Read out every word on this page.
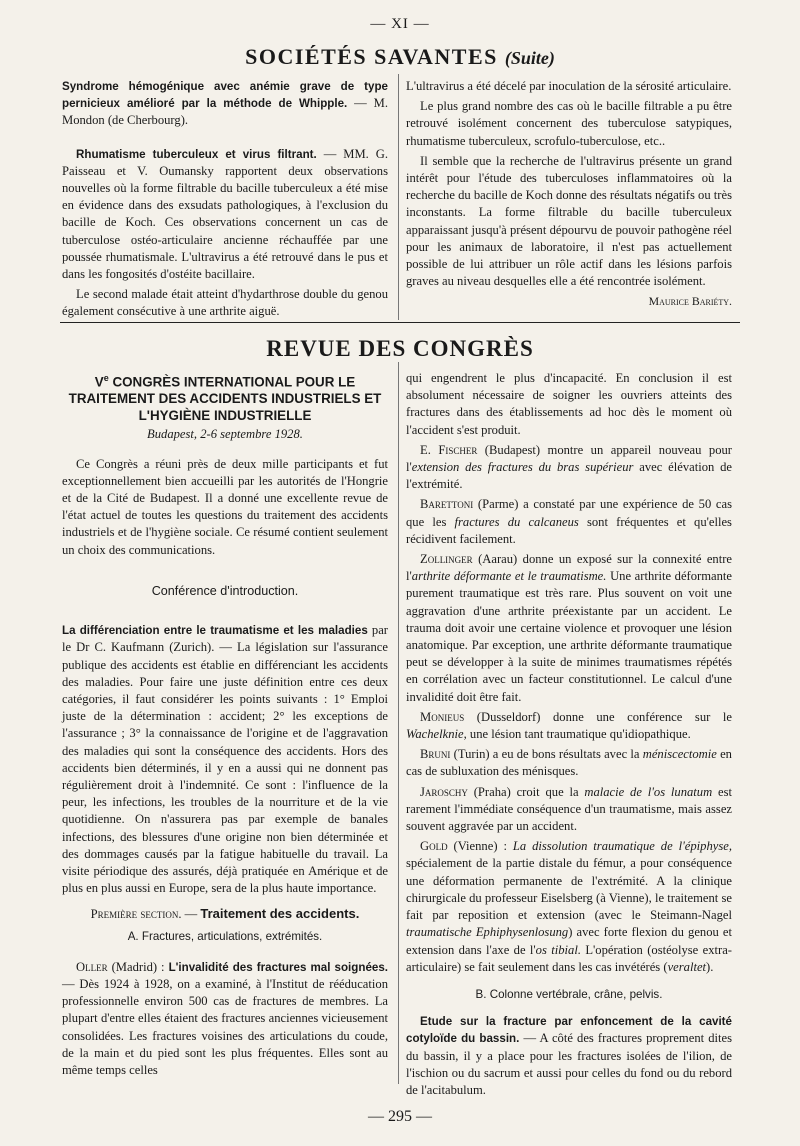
— XI —
SOCIÉTÉS SAVANTES (Suite)

Syndrome hémogénique avec anémie grave de type pernicieux amélioré par la méthode de Whipple. — M. Mondon (de Cherbourg).

Rhumatisme tuberculeux et virus filtrant. — MM. G. Paisseau et V. Oumansky rapportent deux observations nouvelles où la forme filtrable du bacille tuberculeux a été mise en évidence dans des exsudats pathologiques, à l'exclusion du bacille de Koch. Ces observations concernent un cas de tuberculose ostéo-articulaire ancienne réchauffée par une poussée rhumatismale. L'ultravirus a été retrouvé dans le pus et dans les fongosités d'ostéite bacillaire.

Le second malade était atteint d'hydarthrose double du genou également consécutive à une arthrite aiguë.

L'ultravirus a été décelé par inoculation de la sérosité articulaire.

Le plus grand nombre des cas où le bacille filtrable a pu être retrouvé isolément concernent des tuberculose satypiques, rhumatisme tuberculeux, scrofulo-tuberculose, etc..

Il semble que la recherche de l'ultravirus présente un grand intérêt pour l'étude des tuberculoses inflammatoires où la recherche du bacille de Koch donne des résultats négatifs ou très inconstants. La forme filtrable du bacille tuberculeux apparaissant jusqu'à présent dépourvu de pouvoir pathogène réel pour les animaux de laboratoire, il n'est pas actuellement possible de lui attribuer un rôle actif dans les lésions parfois graves au niveau desquelles elle a été rencontrée isolément.

Maurice Bariéty.
REVUE DES CONGRÈS
Ve CONGRÈS INTERNATIONAL POUR LE TRAITEMENT DES ACCIDENTS INDUSTRIELS ET L'HYGIÈNE INDUSTRIELLE
Budapest, 2-6 septembre 1928.

Ce Congrès a réuni près de deux mille participants et fut exceptionnellement bien accueilli par les autorités de l'Hongrie et de la Cité de Budapest. Il a donné une excellente revue de l'état actuel de toutes les questions du traitement des accidents industriels et de l'hygiène sociale. Ce résumé contient seulement un choix des communications.

Conférence d'introduction.

La différenciation entre le traumatisme et les maladies par le Dr C. Kaufmann (Zurich). — La législation sur l'assurance publique des accidents est établie en différenciant les accidents des maladies. Pour faire une juste définition entre ces deux catégories, il faut considérer les points suivants : 1° Emploi juste de la détermination : accident; 2° les exceptions de l'assurance ; 3° la connaissance de l'origine et de l'aggravation des maladies qui sont la conséquence des accidents. Hors des accidents bien déterminés, il y en a aussi qui ne donnent pas régulièrement droit à l'indemnité. Ce sont : l'influence de la peur, les infections, les troubles de la nourriture et de la vie quotidienne. On n'assurera pas par exemple de banales infections, des blessures d'une origine non bien déterminée et des dommages causés par la fatigue habituelle du travail. La visite périodique des assurés, déjà pratiquée en Amérique et de plus en plus aussi en Europe, sera de la plus haute importance.

Première section. — Traitement des accidents.
A. Fractures, articulations, extrémités.

Oller (Madrid) : L'invalidité des fractures mal soignées. — Dès 1924 à 1928, on a examiné, à l'Institut de rééducation professionnelle environ 500 cas de fractures de membres. La plupart d'entre elles étaient des fractures anciennes vicieusement consolidées. Les fractures voisines des articulations du coude, de la main et du pied sont les plus fréquentes. Elles sont au même temps celles

qui engendrent le plus d'incapacité. En conclusion il est absolument nécessaire de soigner les ouvriers atteints des fractures dans des établissements ad hoc dès le moment où l'accident s'est produit.

E. Fischer (Budapest) montre un appareil nouveau pour l'extension des fractures du bras supérieur avec élévation de l'extrémité.

Barettoni (Parme) a constaté par une expérience de 50 cas que les fractures du calcaneus sont fréquentes et qu'elles récidivent facilement.

Zollinger (Aarau) donne un exposé sur la connexité entre l'arthrite déformante et le traumatisme. Une arthrite déformante purement traumatique est très rare. Plus souvent on voit une aggravation d'une arthrite préexistante par un accident. Le trauma doit avoir une certaine violence et provoquer une lésion anatomique. Par exception, une arthrite déformante traumatique peut se développer à la suite de minimes traumatismes répétés en corrélation avec un facteur constitutionnel. Le calcul d'une invalidité doit être fait.

Monieus (Dusseldorf) donne une conférence sur le Wachelknie, une lésion tant traumatique qu'idiopathique.

Bruni (Turin) a eu de bons résultats avec la méniscectomie en cas de subluxation des ménisques.

Jaroschy (Praha) croit que la malacie de l'os lunatum est rarement l'immédiate conséquence d'un traumatisme, mais assez souvent aggravée par un accident.

Gold (Vienne) : La dissolution traumatique de l'épiphyse, spécialement de la partie distale du fémur, a pour conséquence une déformation permanente de l'extrémité. A la clinique chirurgicale du professeur Eiselsberg (à Vienne), le traitement se fait par reposition et extension (avec le Steimann-Nagel traumatische Ephiphysenlosung) avec forte flexion du genou et extension dans l'axe de l'os tibial. L'opération (ostéolyse extra-articulaire) se fait seulement dans les cas invétérés (veraltet).

B. Colonne vertébrale, crâne, pelvis.

Etude sur la fracture par enfoncement de la cavité cotyloïde du bassin. — A côté des fractures proprement dites du bassin, il y a place pour les fractures isolées de l'ilion, de l'ischion ou du sacrum et aussi pour celles du fond ou du rebord de l'acitabulum.

— 295 —
